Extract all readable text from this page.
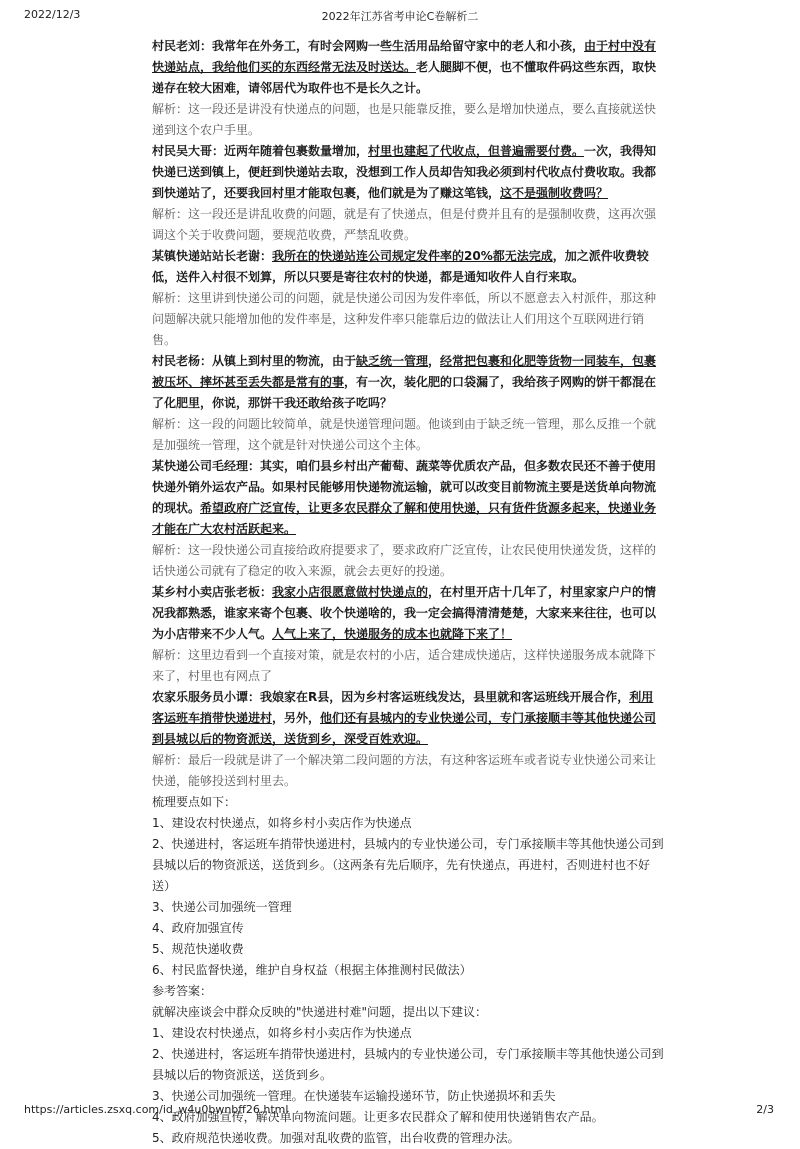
2022/12/3	2022年江苏省考申论C卷解析二

村民老刘：我常年在外务工，有时会网购一些生活用品给留守家中的老人和小孩，由于村中没有快递站点，我给他们买的东西经常无法及时送达。老人腿脚不便，也不懂取件码这些东西，取快递存在较大困难，请邻居代为取件也不是长久之计。

解析：这一段还是讲没有快递点的问题，也是只能靠反推，要么是增加快递点，要么直接就送快递到这个农户手里。

村民吴大哥：近两年随着包裹数量增加，村里也建起了代收点，但普遍需要付费。一次，我得知快递已送到镇上，便赶到快递站去取，没想到工作人员却告知我必须到村代收点付费收取。我都到快递站了，还要我回村里才能取包裹，他们就是为了赚这笔钱，这不是强制收费吗？

解析：这一段还是讲乱收费的问题，就是有了快递点，但是付费并且有的是强制收费，这再次强调这个关于收费问题，要规范收费，严禁乱收费。

某镇快递站站长老谢：我所在的快递站连公司规定发件率的20%都无法完成，加之派件收费较低，送件入村很不划算，所以只要是寄往农村的快递，都是通知收件人自行来取。

解析：这里讲到快递公司的问题，就是快递公司因为发件率低，所以不愿意去入村派件，那这种问题解决就只能增加他的发件率是，这种发件率只能靠后边的做法让人们用这个互联网进行销售。

村民老杨：从镇上到村里的物流，由于缺乏统一管理，经常把包裹和化肥等货物一同装车，包裹被压坏、摔坏甚至丢失都是常有的事，有一次，装化肥的口袋漏了，我给孩子网购的饼干都混在了化肥里，你说，那饼干我还敢给孩子吃吗？

解析：这一段的问题比较简单，就是快递管理问题。他谈到由于缺乏统一管理，那么反推一个就是加强统一管理，这个就是针对快递公司这个主体。

某快递公司毛经理：其实，咱们县乡村出产葡萄、蔬菜等优质农产品，但多数农民还不善于使用快递外销外运农产品。如果村民能够用快递物流运输，就可以改变目前物流主要是送货单向物流的现状。希望政府广泛宣传，让更多农民群众了解和使用快递，只有货件货源多起来，快递业务才能在广大农村活跃起来。

解析：这一段快递公司直接给政府提要求了，要求政府广泛宣传，让农民使用快递发货，这样的话快递公司就有了稳定的收入来源，就会去更好的投递。

某乡村小卖店张老板：我家小店很愿意做村快递点的，在村里开店十几年了，村里家家户户的情况我都熟悉，谁家来寄个包裹、收个快递啥的，我一定会搞得清清楚楚，大家来来往往，也可以为小店带来不少人气。人气上来了，快递服务的成本也就降下来了！

解析：这里边看到一个直接对策，就是农村的小店，适合建成快递店，这样快递服务成本就降下来了，村里也有网点了

农家乐服务员小谭：我娘家在R县，因为乡村客运班线发达，县里就和客运班线开展合作，利用客运班车捎带快递进村，另外，他们还有县城内的专业快递公司，专门承接顺丰等其他快递公司到县城以后的物资派送，送货到乡，深受百姓欢迎。

解析：最后一段就是讲了一个解决第二段问题的方法，有这种客运班车或者说专业快递公司来让快递，能够投送到村里去。

梳理要点如下：

1、建设农村快递点，如将乡村小卖店作为快递点

2、快递进村，客运班车捎带快递进村，县城内的专业快递公司，专门承接顺丰等其他快递公司到县城以后的物资派送，送货到乡。（这两条有先后顺序，先有快递点，再进村，否则进村也不好送）

3、快递公司加强统一管理

4、政府加强宣传

5、规范快递收费

6、村民监督快递，维护自身权益（根据主体推测村民做法）

参考答案：

就解决座谈会中群众反映的"快递进村难"问题，提出以下建议：

1、建设农村快递点，如将乡村小卖店作为快递点

2、快递进村，客运班车捎带快递进村，县城内的专业快递公司，专门承接顺丰等其他快递公司到县城以后的物资派送，送货到乡。

3、快递公司加强统一管理。在快递装车运输投递环节，防止快递损坏和丢失

4、政府加强宣传，解决单向物流问题。让更多农民群众了解和使用快递销售农产品。

5、政府规范快递收费。加强对乱收费的监管，出台收费的管理办法。

https://articles.zsxq.com/id_w4u0bwnbff26.html	2/3
